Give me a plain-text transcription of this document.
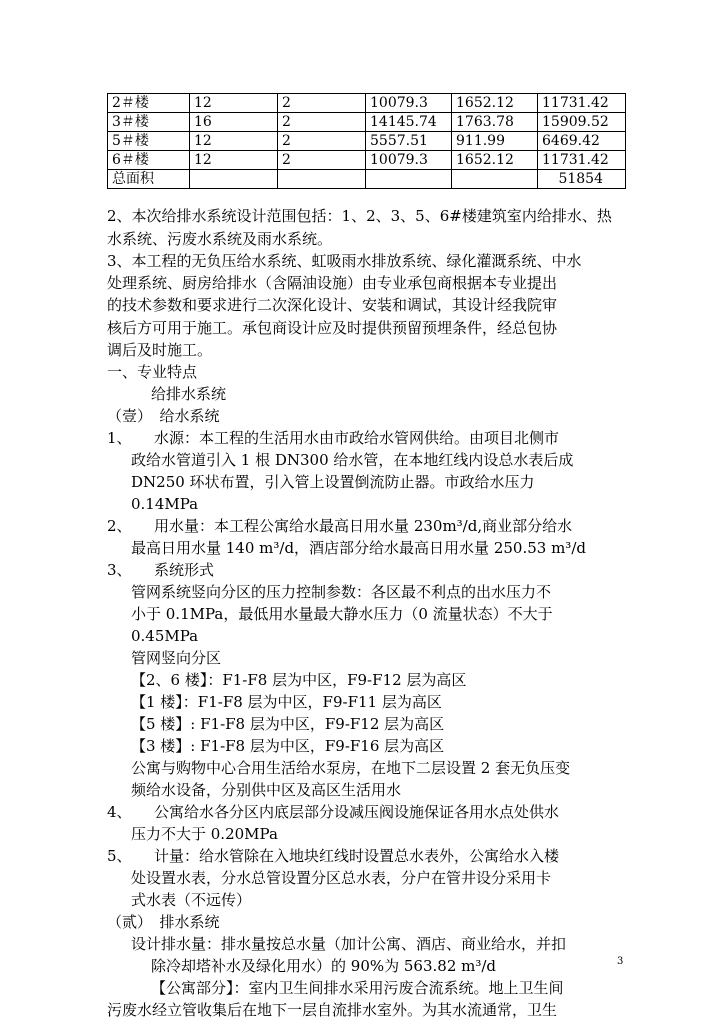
2＃楼	12	2	10079.3	1652.12	11731.42
3＃楼	16	2	14145.74	1763.78	15909.52
5＃楼	12	2	5557.51	911.99	6469.42
6＃楼	12	2	10079.3	1652.12	11731.42
总面积					51854
2、本次给排水系统设计范围包括：1、2、3、5、6#楼建筑室内给排水、热
水系统、污废水系统及雨水系统。
3、本工程的无负压给水系统、虹吸雨水排放系统、绿化灌溉系统、中水
处理系统、厨房给排水（含隔油设施）由专业承包商根据本专业提出
的技术参数和要求进行二次深化设计、安装和调试，其设计经我院审
核后方可用于施工。承包商设计应及时提供预留预埋条件，经总包协
调后及时施工。
一、专业特点
给排水系统
（壹）　给水系统
1、　　水源：本工程的生活用水由市政给水管网供给。由项目北侧市
政给水管道引入 1 根 DN300 给水管，在本地红线内设总水表后成
DN250 环状布置，引入管上设置倒流防止器。市政给水压力
0.14MPa
2、　　用水量：本工程公寓给水最高日用水量 230m³/d,商业部分给水
最高日用水量 140 m³/d，酒店部分给水最高日用水量 250.53 m³/d
3、　　系统形式
管网系统竖向分区的压力控制参数：各区最不利点的出水压力不
小于 0.1MPa，最低用水量最大静水压力（0 流量状态）不大于
0.45MPa
管网竖向分区
【2、6 楼】：F1-F8 层为中区，F9-F12 层为高区
【1 楼】：F1-F8 层为中区，F9-F11 层为高区
【5 楼】: F1-F8 层为中区，F9-F12 层为高区
【3 楼】: F1-F8 层为中区，F9-F16 层为高区
公寓与购物中心合用生活给水泵房，在地下二层设置 2 套无负压变
频给水设备，分别供中区及高区生活用水
4、　　公寓给水各分区内底层部分设减压阀设施保证各用水点处供水
压力不大于 0.20MPa
5、　　计量：给水管除在入地块红线时设置总水表外，公寓给水入楼
处设置水表，分水总管设置分区总水表，分户在管井设分采用卡
式水表（不远传）
（贰）　排水系统
设计排水量：排水量按总水量（加计公寓、酒店、商业给水，并扣
除冷却塔补水及绿化用水）的 90%为 563.82 m³/d
【公寓部分】：室内卫生间排水采用污废合流系统。地上卫生间
污废水经立管收集后在地下一层自流排水室外。为其水流通常，卫生
3
